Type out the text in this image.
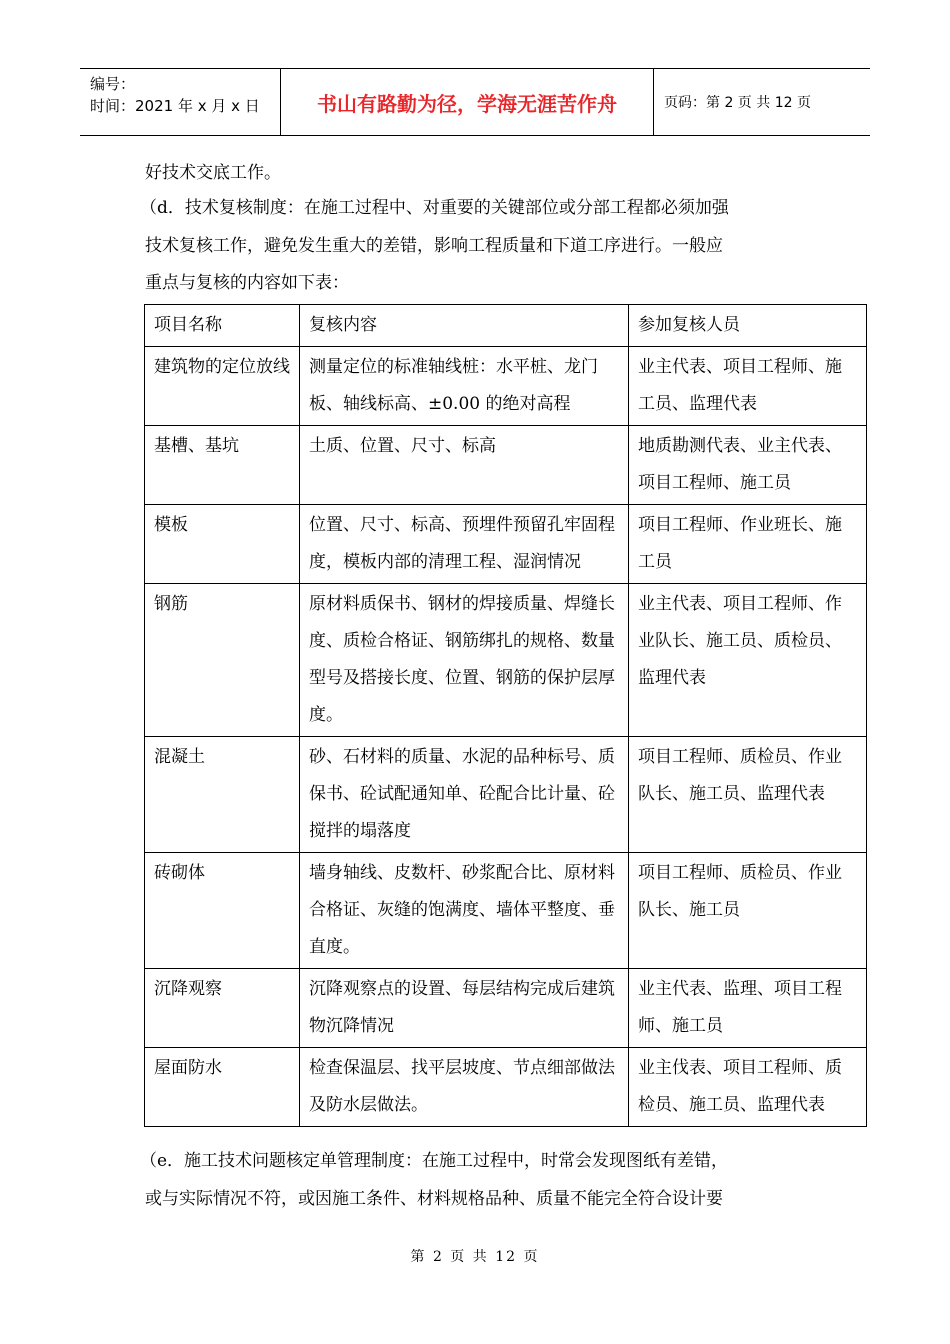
编号：
时间：2021 年 x 月 x 日	书山有路勤为径，学海无涯苦作舟	页码：第 2 页 共 12 页
好技术交底工作。
（d．技术复核制度：在施工过程中、对重要的关键部位或分部工程都必须加强
技术复核工作，避免发生重大的差错，影响工程质量和下道工序进行。一般应
重点与复核的内容如下表：
项目名称	复核内容	参加复核人员
建筑物的定位放线	测量定位的标准轴线桩：水平桩、龙门板、轴线标高、±0.00 的绝对高程	业主代表、项目工程师、施工员、监理代表
基槽、基坑	土质、位置、尺寸、标高	地质勘测代表、业主代表、项目工程师、施工员
模板	位置、尺寸、标高、预埋件预留孔牢固程度，模板内部的清理工程、湿润情况	项目工程师、作业班长、施工员
钢筋	原材料质保书、钢材的焊接质量、焊缝长度、质检合格证、钢筋绑扎的规格、数量型号及搭接长度、位置、钢筋的保护层厚度。	业主代表、项目工程师、作业队长、施工员、质检员、监理代表
混凝土	砂、石材料的质量、水泥的品种标号、质保书、砼试配通知单、砼配合比计量、砼搅拌的塌落度	项目工程师、质检员、作业队长、施工员、监理代表
砖砌体	墙身轴线、皮数杆、砂浆配合比、原材料合格证、灰缝的饱满度、墙体平整度、垂直度。	项目工程师、质检员、作业队长、施工员
沉降观察	沉降观察点的设置、每层结构完成后建筑物沉降情况	业主代表、监理、项目工程师、施工员
屋面防水	检查保温层、找平层坡度、节点细部做法及防水层做法。	业主伐表、项目工程师、质检员、施工员、监理代表
（e．施工技术问题核定单管理制度：在施工过程中，时常会发现图纸有差错，
或与实际情况不符，或因施工条件、材料规格品种、质量不能完全符合设计要
第 2 页 共 12 页
